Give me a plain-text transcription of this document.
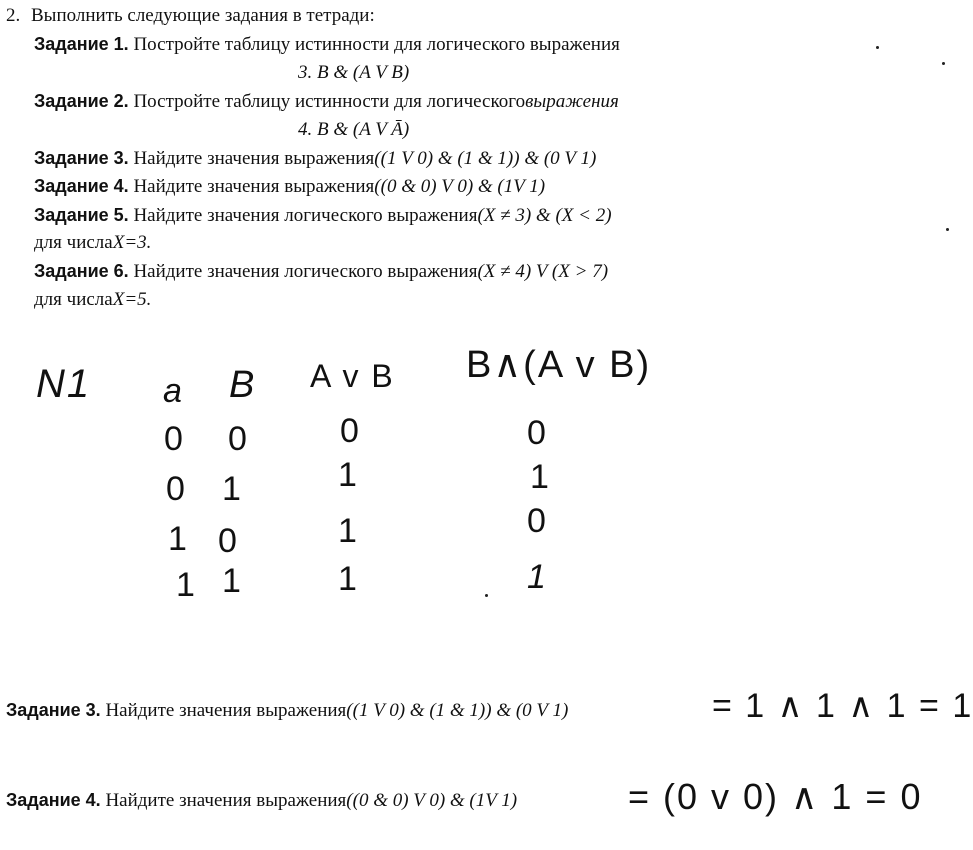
2. Выполнить следующие задания в тетради:
Задание 1. Постройте таблицу истинности для логического выражения
3. B & (A V B)
Задание 2. Постройте таблицу истинности для логическоговыражения
4. B & (A V Ā)
Задание 3. Найдите значения выражения((1 V 0) & (1 & 1)) & (0 V 1)
Задание 4. Найдите значения выражения((0 & 0) V 0) & (1V 1)
Задание 5. Найдите значения логического выражения(X ≠ 3) & (X < 2)
для числаX=3.
Задание 6. Найдите значения логического выражения(X ≠ 4) V (X > 7)
для числаX=5.
N1 a B A v B B∧(A v B)
0 0	0	0
0 1	1	1
1 0	1	0
1 1	1	1
Задание 3. Найдите значения выражения((1 V 0) & (1 & 1)) & (0 V 1)	= 1 ∧ 1 ∧ 1 = 1
Задание 4. Найдите значения выражения((0 & 0) V 0) & (1V 1)	= (0 v 0) ∧ 1 = 0
